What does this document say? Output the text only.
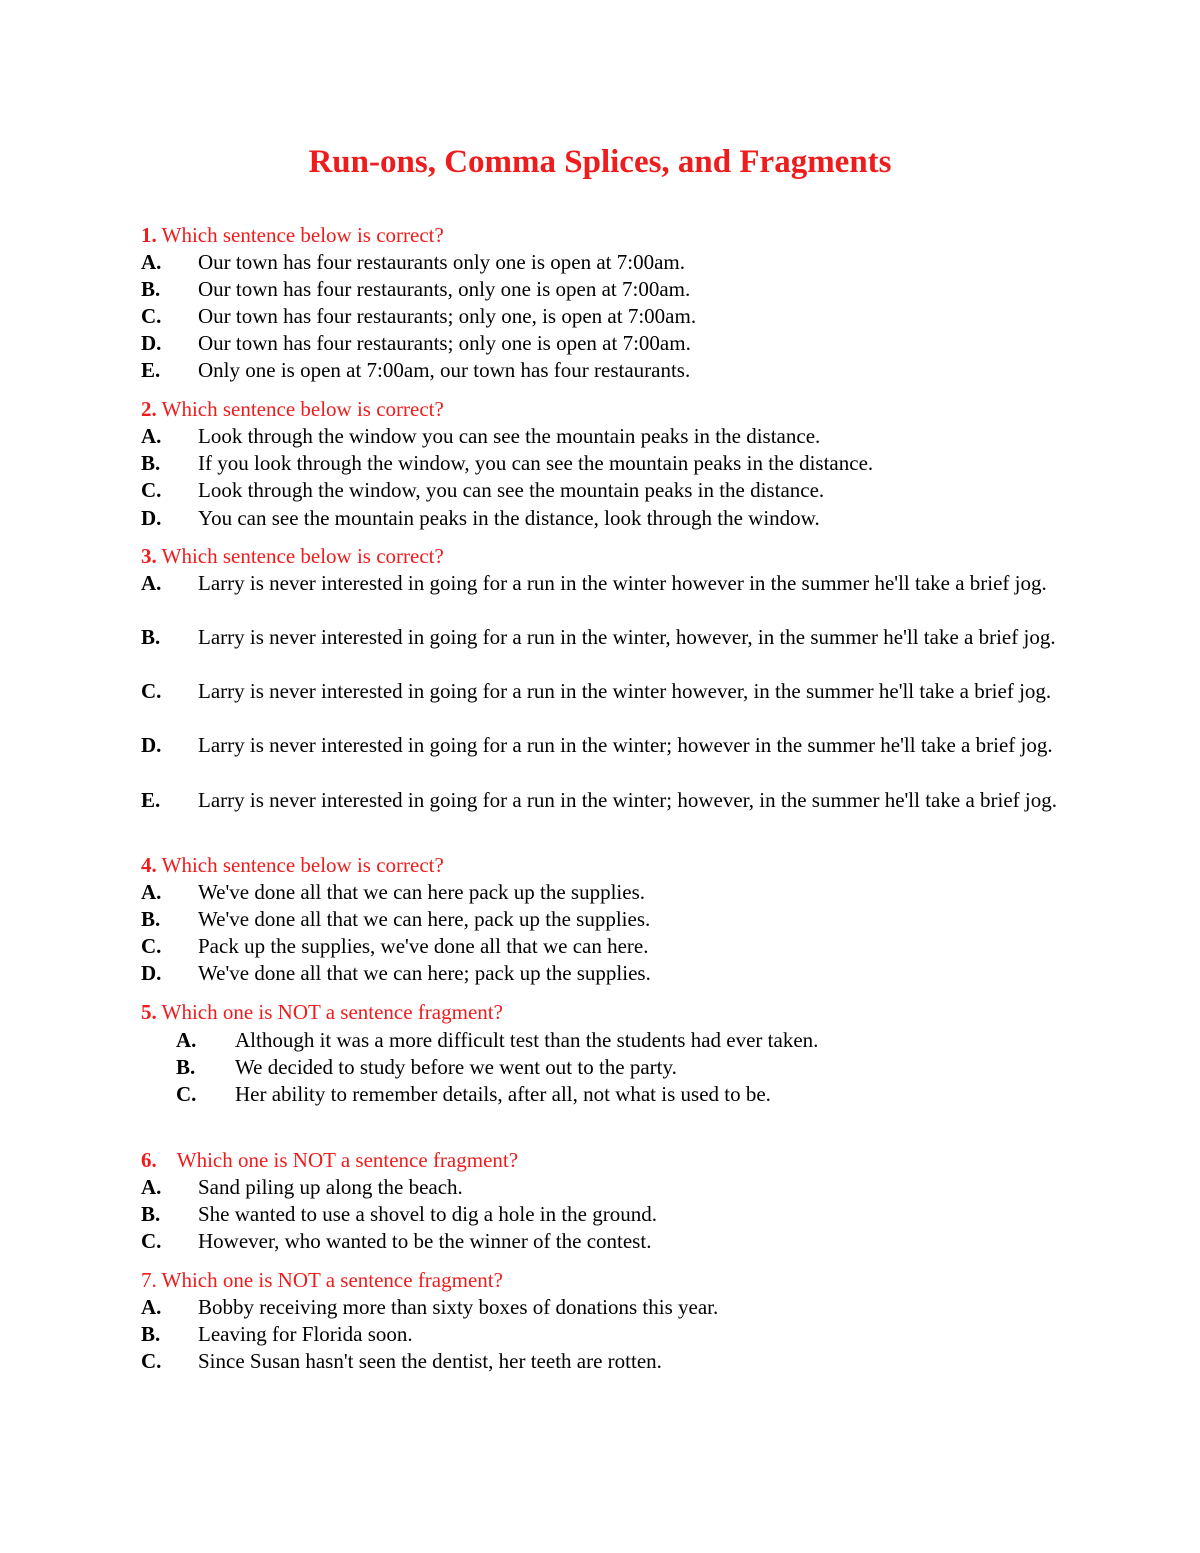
Run-ons, Comma Splices, and Fragments
1. Which sentence below is correct?
A. Our town has four restaurants only one is open at 7:00am.
B. Our town has four restaurants, only one is open at 7:00am.
C. Our town has four restaurants; only one, is open at 7:00am.
D. Our town has four restaurants; only one is open at 7:00am.
E. Only one is open at 7:00am, our town has four restaurants.
2. Which sentence below is correct?
A. Look through the window you can see the mountain peaks in the distance.
B. If you look through the window, you can see the mountain peaks in the distance.
C. Look through the window, you can see the mountain peaks in the distance.
D. You can see the mountain peaks in the distance, look through the window.
3. Which sentence below is correct?
A. Larry is never interested in going for a run in the winter however in the summer he'll take a brief jog.
B. Larry is never interested in going for a run in the winter, however, in the summer he'll take a brief jog.
C. Larry is never interested in going for a run in the winter however, in the summer he'll take a brief jog.
D. Larry is never interested in going for a run in the winter; however in the summer he'll take a brief jog.
E. Larry is never interested in going for a run in the winter; however, in the summer he'll take a brief jog.
4. Which sentence below is correct?
A. We've done all that we can here pack up the supplies.
B. We've done all that we can here, pack up the supplies.
C. Pack up the supplies, we've done all that we can here.
D. We've done all that we can here; pack up the supplies.
5. Which one is NOT a sentence fragment?
A. Although it was a more difficult test than the students had ever taken.
B. We decided to study before we went out to the party.
C. Her ability to remember details, after all, not what is used to be.
6. Which one is NOT a sentence fragment?
A. Sand piling up along the beach.
B. She wanted to use a shovel to dig a hole in the ground.
C. However, who wanted to be the winner of the contest.
7. Which one is NOT a sentence fragment?
A. Bobby receiving more than sixty boxes of donations this year.
B. Leaving for Florida soon.
C. Since Susan hasn't seen the dentist, her teeth are rotten.
